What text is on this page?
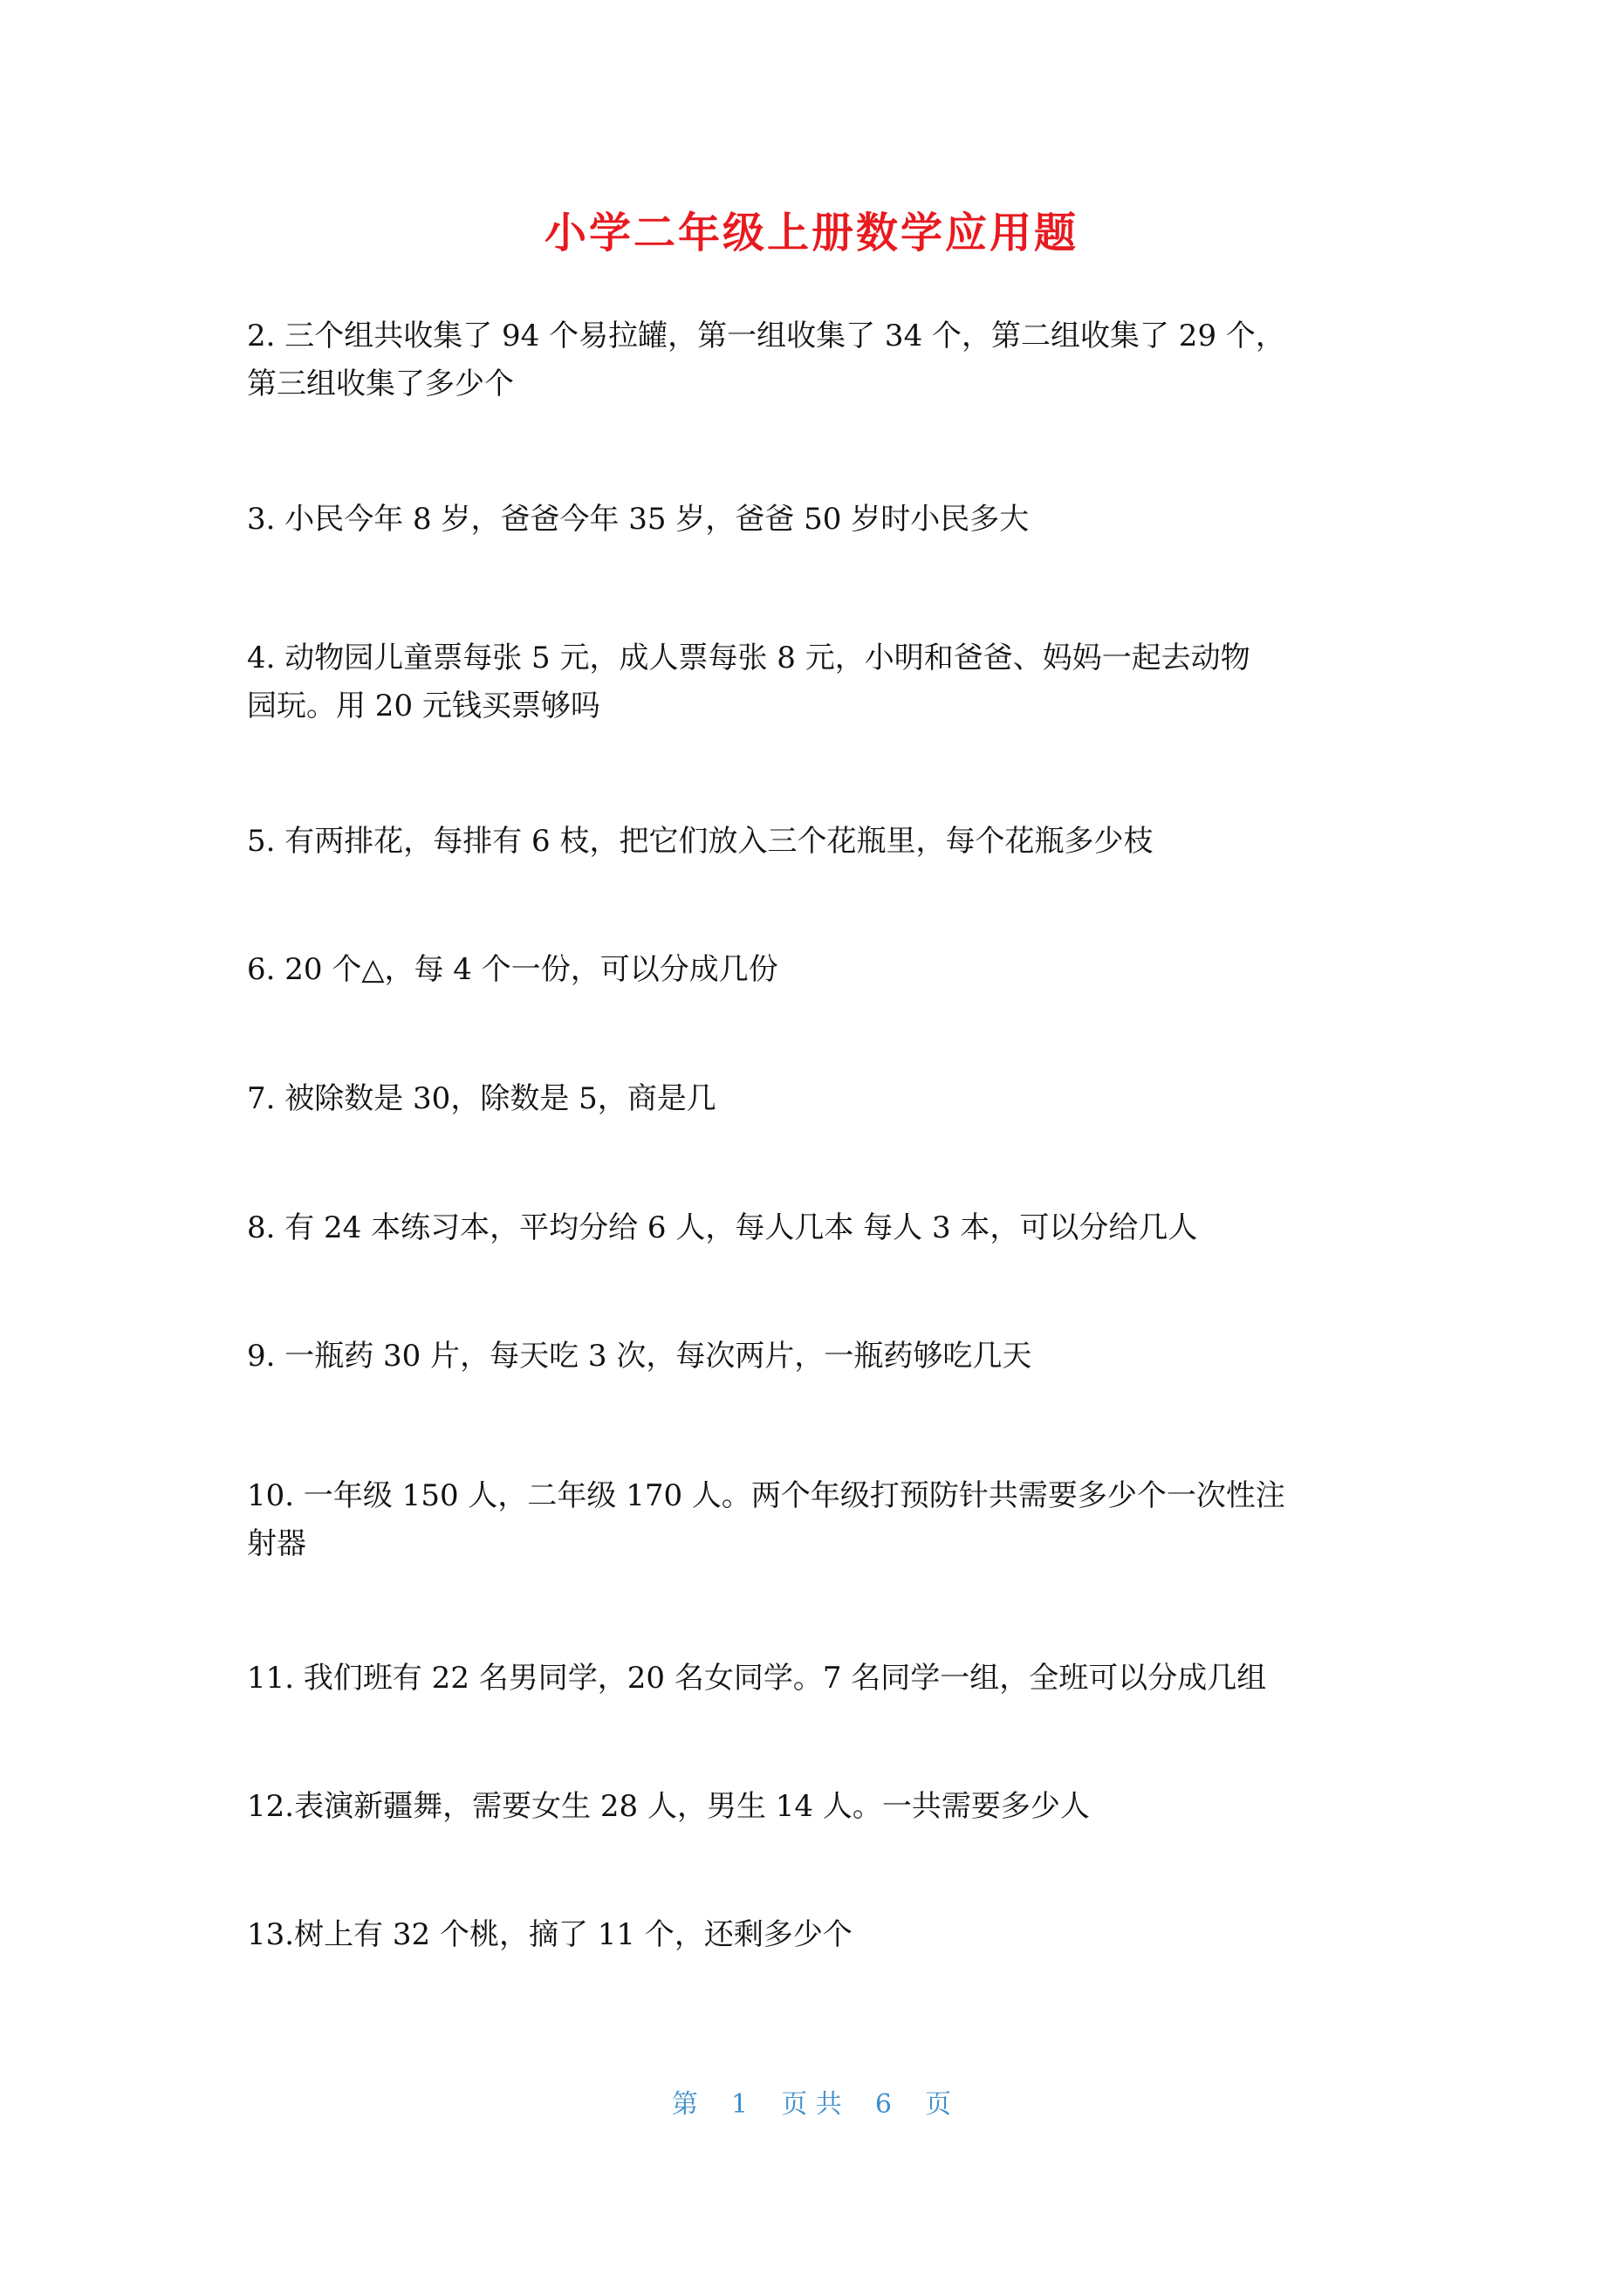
小学二年级上册数学应用题
2. 三个组共收集了 94 个易拉罐，第一组收集了 34 个，第二组收集了 29 个，
第三组收集了多少个
3. 小民今年 8 岁，爸爸今年 35 岁，爸爸 50 岁时小民多大
4. 动物园儿童票每张 5 元，成人票每张 8 元，小明和爸爸、妈妈一起去动物
园玩。用 20 元钱买票够吗
5. 有两排花，每排有 6 枝，把它们放入三个花瓶里，每个花瓶多少枝
6. 20 个△，每 4 个一份，可以分成几份
7. 被除数是 30，除数是 5，商是几
8. 有 24 本练习本，平均分给 6 人，每人几本 每人 3 本，可以分给几人
9. 一瓶药 30 片，每天吃 3 次，每次两片，一瓶药够吃几天
10. 一年级 150 人，二年级 170 人。两个年级打预防针共需要多少个一次性注
射器
11. 我们班有 22 名男同学，20 名女同学。7 名同学一组，全班可以分成几组
12.表演新疆舞，需要女生 28 人，男生 14 人。一共需要多少人
13.树上有 32 个桃，摘了 11 个，还剩多少个
第    1    页 共    6    页
